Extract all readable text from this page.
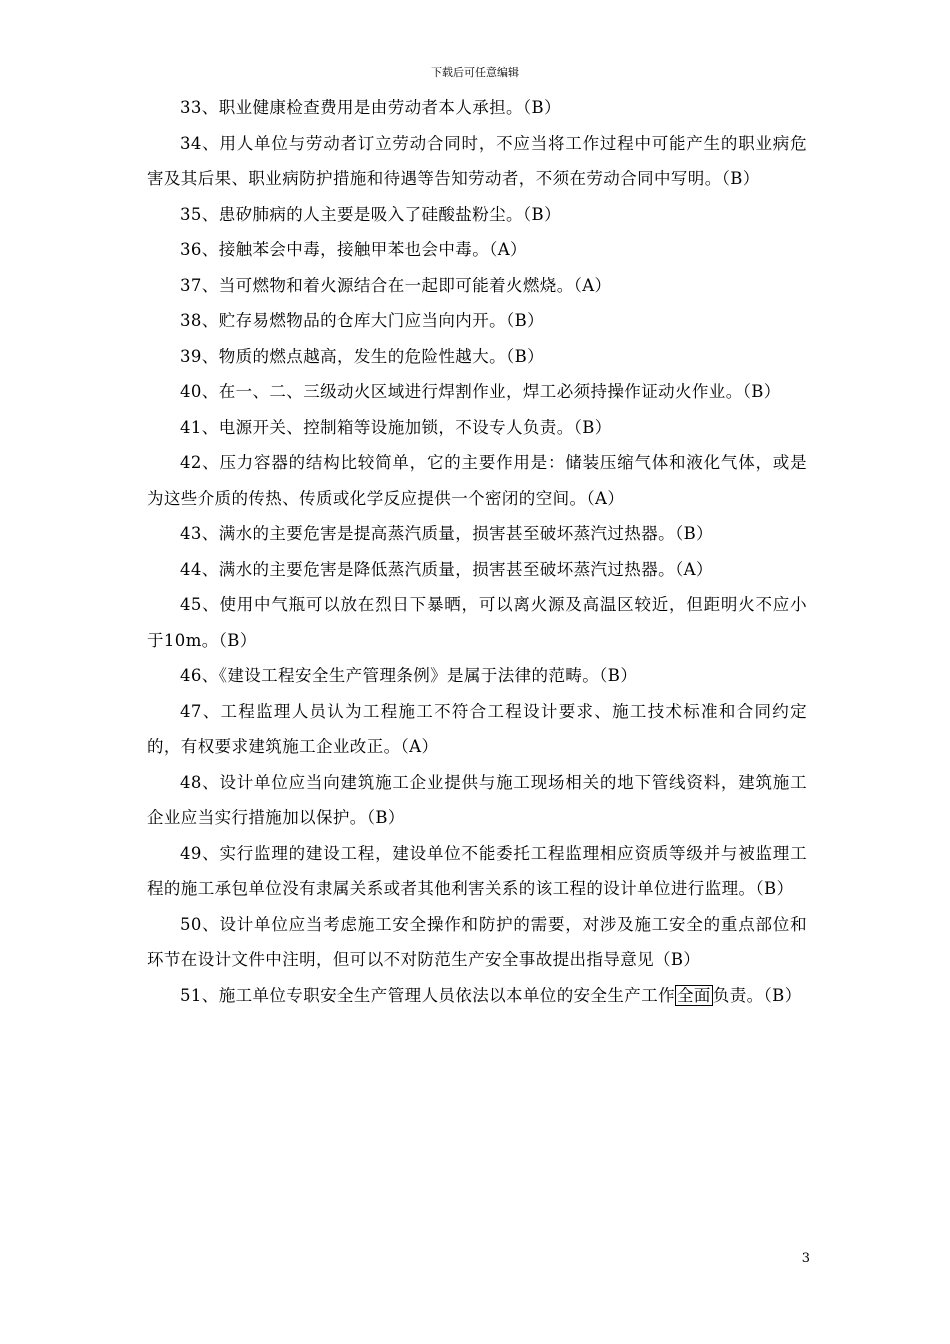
下载后可任意编辑

33、职业健康检查费用是由劳动者本人承担。（B）

34、用人单位与劳动者订立劳动合同时，不应当将工作过程中可能产生的职业病危害及其后果、职业病防护措施和待遇等告知劳动者，不须在劳动合同中写明。（B）

35、患矽肺病的人主要是吸入了硅酸盐粉尘。（B）

36、接触苯会中毒，接触甲苯也会中毒。（A）

37、当可燃物和着火源结合在一起即可能着火燃烧。（A）

38、贮存易燃物品的仓库大门应当向内开。（B）

39、物质的燃点越高，发生的危险性越大。（B）

40、在一、二、三级动火区域进行焊割作业，焊工必须持操作证动火作业。（B）

41、电源开关、控制箱等设施加锁，不设专人负责。（B）

42、压力容器的结构比较简单，它的主要作用是：储装压缩气体和液化气体，或是为这些介质的传热、传质或化学反应提供一个密闭的空间。（A）

43、满水的主要危害是提高蒸汽质量，损害甚至破坏蒸汽过热器。（B）

44、满水的主要危害是降低蒸汽质量，损害甚至破坏蒸汽过热器。（A）

45、使用中气瓶可以放在烈日下暴晒，可以离火源及高温区较近，但距明火不应小于10m。（B）

46、《建设工程安全生产管理条例》是属于法律的范畴。（B）

47、工程监理人员认为工程施工不符合工程设计要求、施工技术标准和合同约定的，有权要求建筑施工企业改正。（A）

48、设计单位应当向建筑施工企业提供与施工现场相关的地下管线资料，建筑施工企业应当实行措施加以保护。（B）

49、实行监理的建设工程，建设单位不能委托工程监理相应资质等级并与被监理工程的施工承包单位没有隶属关系或者其他利害关系的该工程的设计单位进行监理。（B）

50、设计单位应当考虑施工安全操作和防护的需要，对涉及施工安全的重点部位和环节在设计文件中注明，但可以不对防范生产安全事故提出指导意见（B）

51、施工单位专职安全生产管理人员依法以本单位的安全生产工作 全面 负责。（B）

3
